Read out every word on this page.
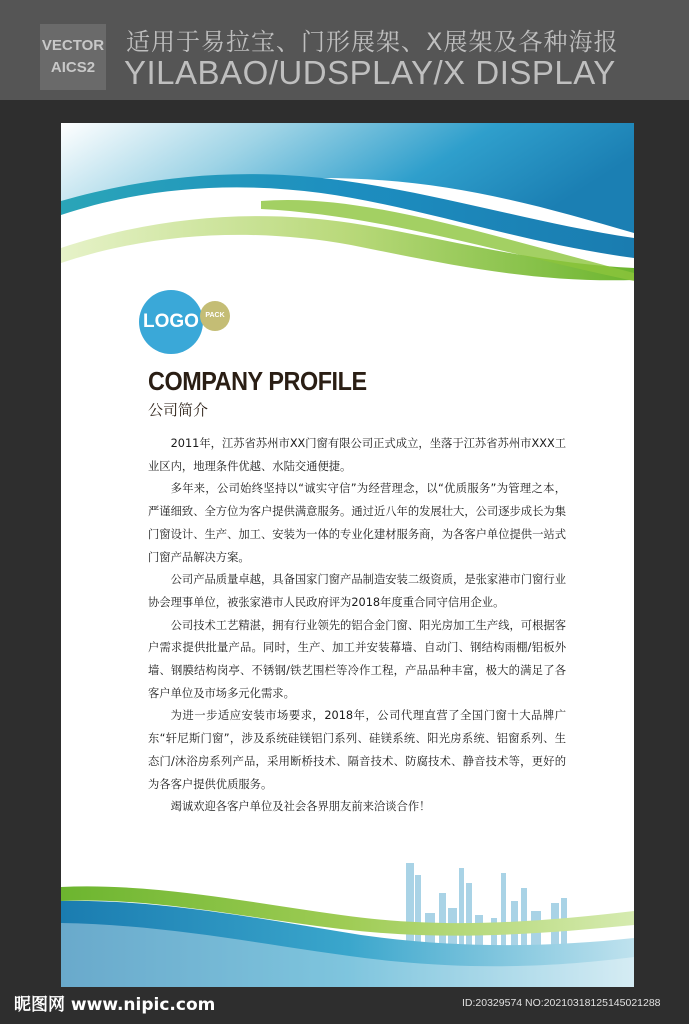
VECTOR
AICS2
适用于易拉宝、门形展架、X展架及各种海报
YILABAO/UDSPLAY/X DISPLAY
LOGO PACK
COMPANY PROFILE
公司简介

2011年，江苏省苏州市XX门窗有限公司正式成立，坐落于江苏省苏州市XXX工业区内，地理条件优越、水陆交通便捷。

多年来，公司始终坚持以“诚实守信”为经营理念，以“优质服务”为管理之本，严谨细致、全方位为客户提供满意服务。通过近八年的发展壮大，公司逐步成长为集门窗设计、生产、加工、安装为一体的专业化建材服务商，为各客户单位提供一站式门窗产品解决方案。

公司产品质量卓越，具备国家门窗产品制造安装二级资质，是张家港市门窗行业协会理事单位，被张家港市人民政府评为2018年度重合同守信用企业。

公司技术工艺精湛，拥有行业领先的铝合金门窗、阳光房加工生产线，可根据客户需求提供批量产品。同时，生产、加工并安装幕墙、自动门、钢结构雨棚/铝板外墙、钢膜结构岗亭、不锈钢/铁艺围栏等冷作工程，产品品种丰富，极大的满足了各客户单位及市场多元化需求。

为进一步适应安装市场要求，2018年，公司代理直营了全国门窗十大品牌广东“轩尼斯门窗”，涉及系统硅镁铝门系列、硅镁系统、阳光房系统、铝窗系列、生态门/沐浴房系列产品，采用断桥技术、隔音技术、防腐技术、静音技术等，更好的为各客户提供优质服务。

竭诚欢迎各客户单位及社会各界朋友前来洽谈合作！

昵图网 www.nipic.com	ID:20329574 NO:20210318125145021288
